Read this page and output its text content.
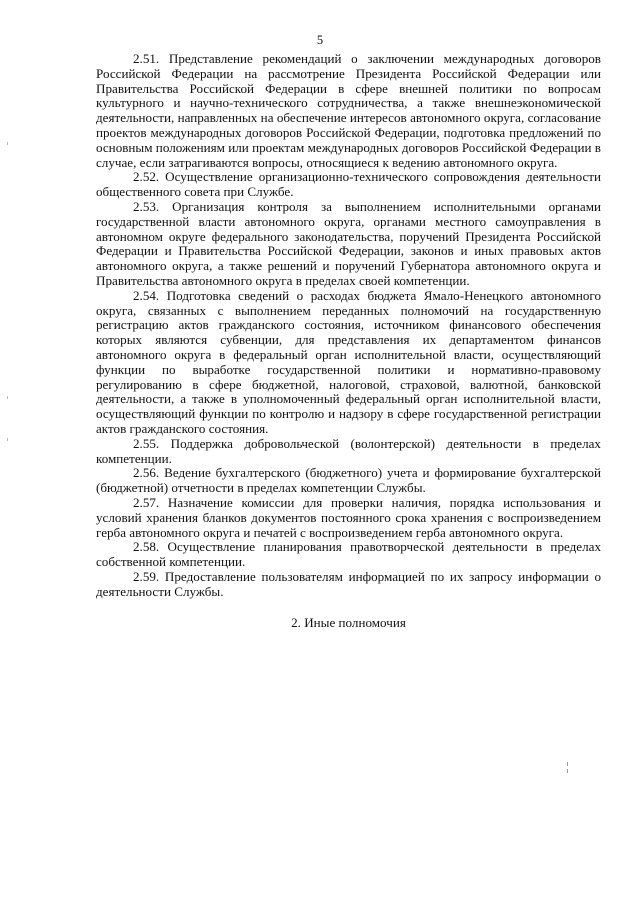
5

2.51. Представление рекомендаций о заключении международных договоров Российской Федерации на рассмотрение Президента Российской Федерации или Правительства Российской Федерации в сфере внешней политики по вопросам культурного и научно-технического сотрудничества, а также внешнеэкономической деятельности, направленных на обеспечение интересов автономного округа, согласование проектов международных договоров Российской Федерации, подготовка предложений по основным положениям или проектам международных договоров Российской Федерации в случае, если затрагиваются вопросы, относящиеся к ведению автономного округа.

2.52. Осуществление организационно-технического сопровождения деятельности общественного совета при Службе.

2.53. Организация контроля за выполнением исполнительными органами государственной власти автономного округа, органами местного самоуправления в автономном округе федерального законодательства, поручений Президента Российской Федерации и Правительства Российской Федерации, законов и иных правовых актов автономного округа, а также решений и поручений Губернатора автономного округа и Правительства автономного округа в пределах своей компетенции.

2.54. Подготовка сведений о расходах бюджета Ямало-Ненецкого автономного округа, связанных с выполнением переданных полномочий на государственную регистрацию актов гражданского состояния, источником финансового обеспечения которых являются субвенции, для представления их департаментом финансов автономного округа в федеральный орган исполнительной власти, осуществляющий функции по выработке государственной политики и нормативно-правовому регулированию в сфере бюджетной, налоговой, страховой, валютной, банковской деятельности, а также в уполномоченный федеральный орган исполнительной власти, осуществляющий функции по контролю и надзору в сфере государственной регистрации актов гражданского состояния.

2.55. Поддержка добровольческой (волонтерской) деятельности в пределах компетенции.

2.56. Ведение бухгалтерского (бюджетного) учета и формирование бухгалтерской (бюджетной) отчетности в пределах компетенции Службы.

2.57. Назначение комиссии для проверки наличия, порядка использования и условий хранения бланков документов постоянного срока хранения с воспроизведением герба автономного округа и печатей с воспроизведением герба автономного округа.

2.58. Осуществление планирования правотворческой деятельности в пределах собственной компетенции.

2.59. Предоставление пользователям информацией по их запросу информации о деятельности Службы.

2. Иные полномочия
